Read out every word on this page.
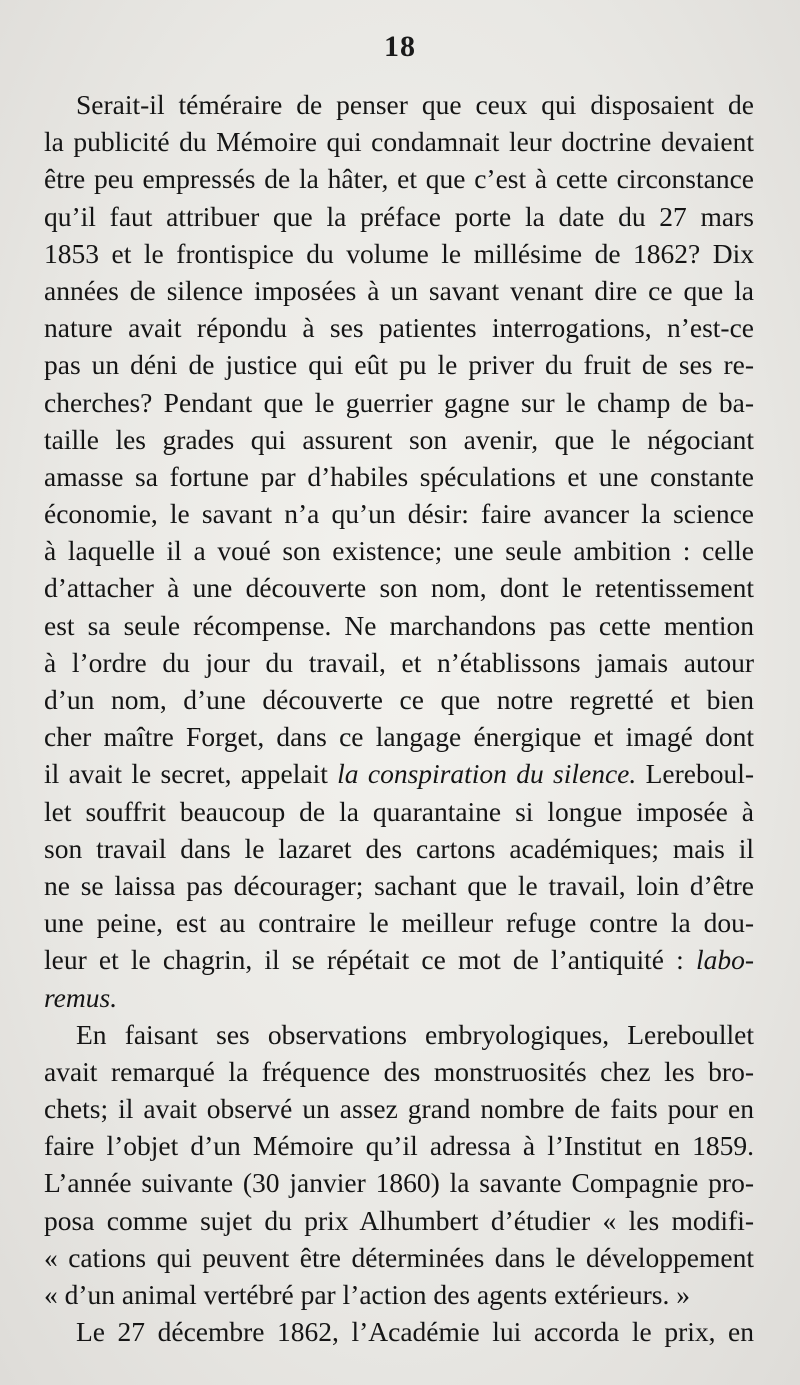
18
Serait-il téméraire de penser que ceux qui disposaient de
la publicité du Mémoire qui condamnait leur doctrine devaient
être peu empressés de la hâter, et que c’est à cette circonstance
qu’il faut attribuer que la préface porte la date du 27 mars
1853 et le frontispice du volume le millésime de 1862? Dix
années de silence imposées à un savant venant dire ce que la
nature avait répondu à ses patientes interrogations, n’est-ce
pas un déni de justice qui eût pu le priver du fruit de ses re-
cherches? Pendant que le guerrier gagne sur le champ de ba-
taille les grades qui assurent son avenir, que le négociant
amasse sa fortune par d’habiles spéculations et une constante
économie, le savant n’a qu’un désir: faire avancer la science
à laquelle il a voué son existence; une seule ambition : celle
d’attacher à une découverte son nom, dont le retentissement
est sa seule récompense. Ne marchandons pas cette mention
à l’ordre du jour du travail, et n’établissons jamais autour
d’un nom, d’une découverte ce que notre regretté et bien
cher maître Forget, dans ce langage énergique et imagé dont
il avait le secret, appelait la conspiration du silence. Lereboul-
let souffrit beaucoup de la quarantaine si longue imposée à
son travail dans le lazaret des cartons académiques; mais il
ne se laissa pas décourager; sachant que le travail, loin d’être
une peine, est au contraire le meilleur refuge contre la dou-
leur et le chagrin, il se répétait ce mot de l’antiquité : labo-
remus.
En faisant ses observations embryologiques, Lereboullet
avait remarqué la fréquence des monstruosités chez les bro-
chets; il avait observé un assez grand nombre de faits pour en
faire l’objet d’un Mémoire qu’il adressa à l’Institut en 1859.
L’année suivante (30 janvier 1860) la savante Compagnie pro-
posa comme sujet du prix Alhumbert d’étudier « les modifi-
« cations qui peuvent être déterminées dans le développement
« d’un animal vertébré par l’action des agents extérieurs. »
Le 27 décembre 1862, l’Académie lui accorda le prix, en
